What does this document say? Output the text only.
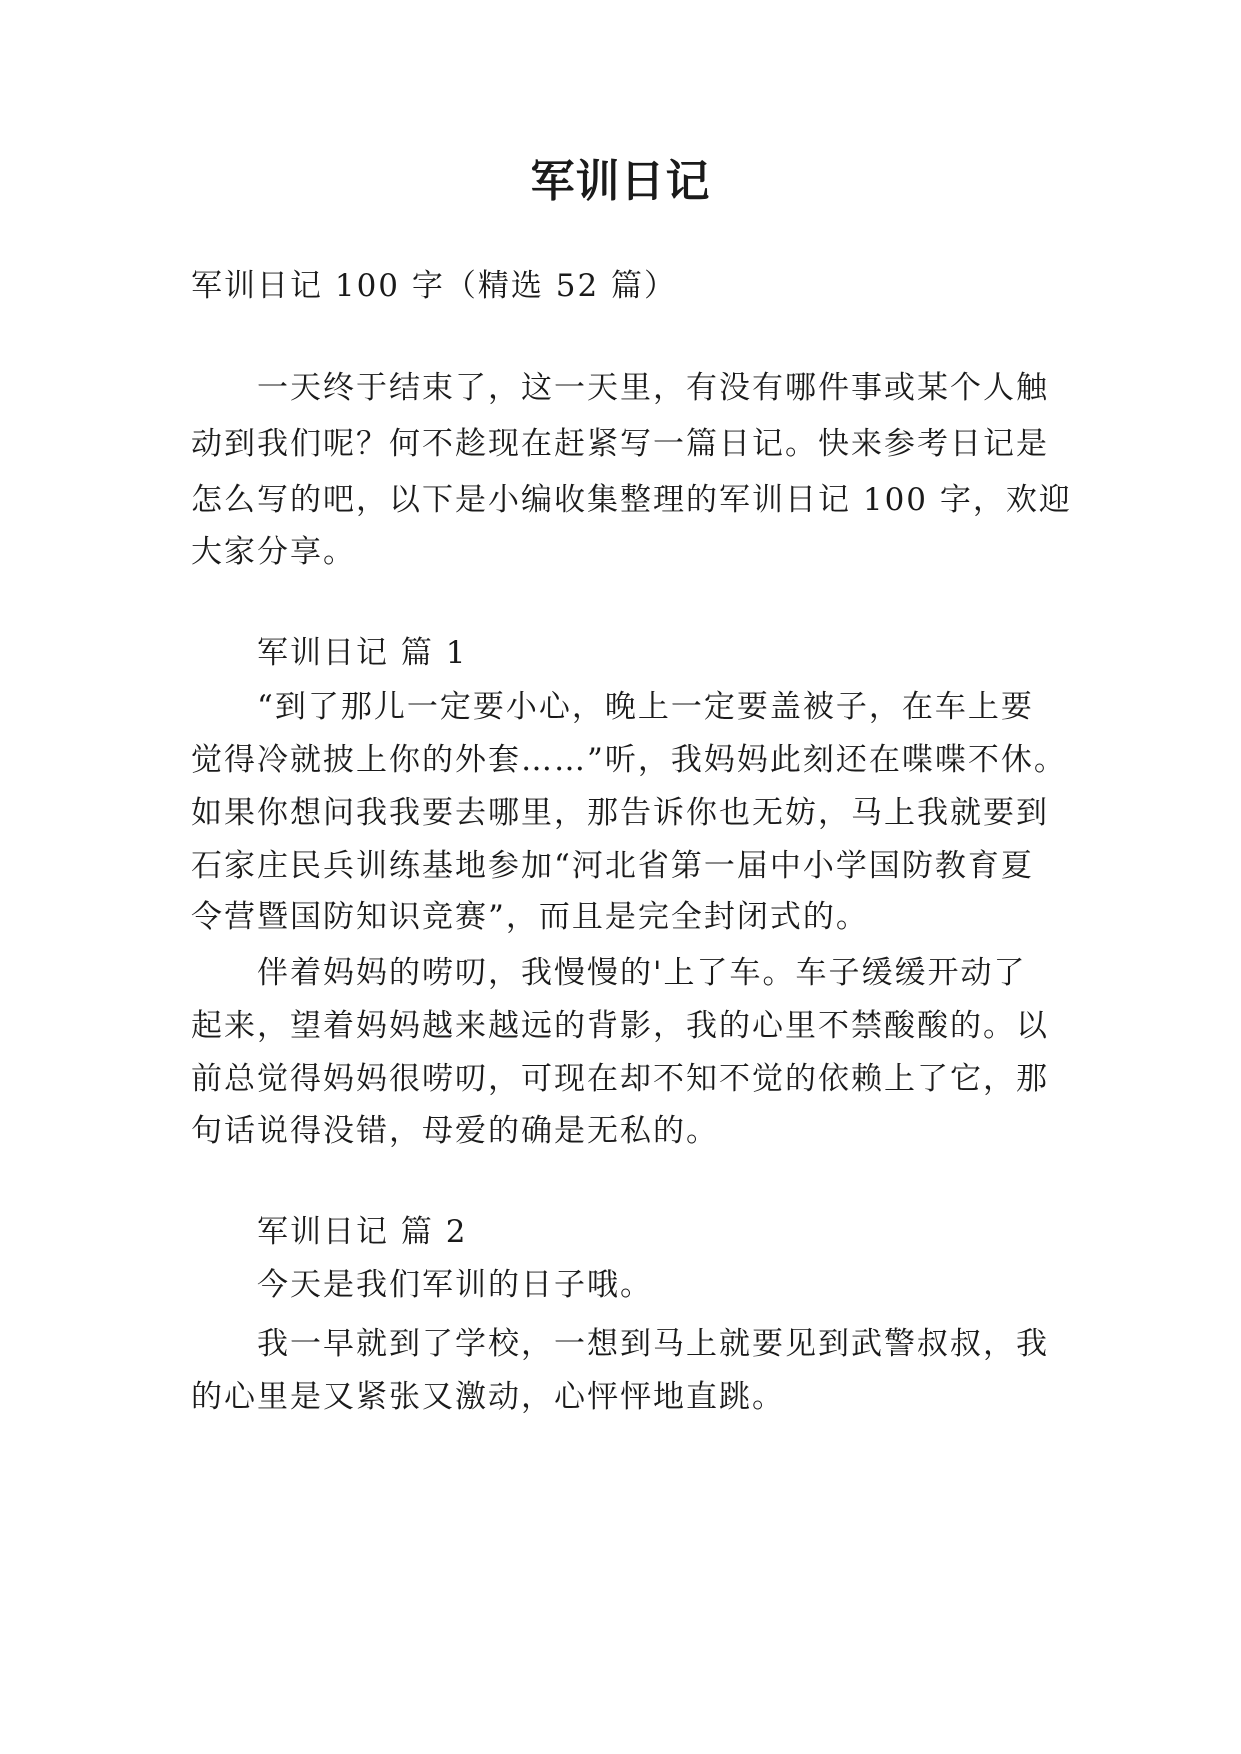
军训日记

军训日记 100 字（精选 52 篇）

一天终于结束了，这一天里，有没有哪件事或某个人触

动到我们呢？何不趁现在赶紧写一篇日记。快来参考日记是

怎么写的吧，以下是小编收集整理的军训日记 100 字，欢迎

大家分享。

军训日记 篇 1

“到了那儿一定要小心，晚上一定要盖被子，在车上要

觉得冷就披上你的外套……”听，我妈妈此刻还在喋喋不休。

如果你想问我我要去哪里，那告诉你也无妨，马上我就要到

石家庄民兵训练基地参加“河北省第一届中小学国防教育夏

令营暨国防知识竞赛”，而且是完全封闭式的。

伴着妈妈的唠叨，我慢慢的'上了车。车子缓缓开动了

起来，望着妈妈越来越远的背影，我的心里不禁酸酸的。以

前总觉得妈妈很唠叨，可现在却不知不觉的依赖上了它，那

句话说得没错，母爱的确是无私的。

军训日记 篇 2

今天是我们军训的日子哦。

我一早就到了学校，一想到马上就要见到武警叔叔，我

的心里是又紧张又激动，心怦怦地直跳。
